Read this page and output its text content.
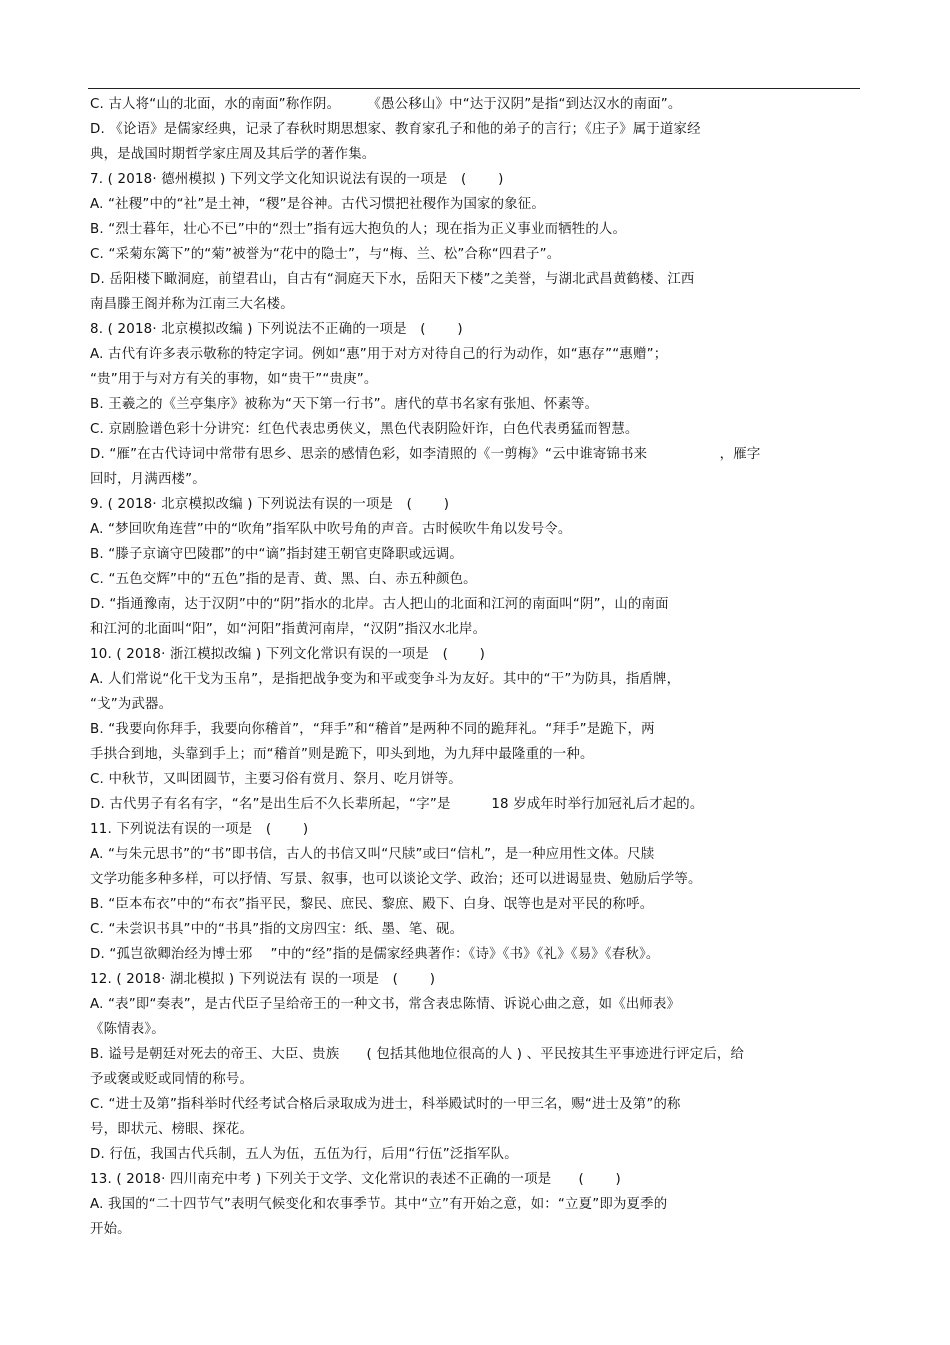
C. 古人将“山的北面，水的南面”称作阴。　　　《愚公移山》中“达于汉阴”是指“到达汉水的南面”。
D. 《论语》是儒家经典，记录了春秋时期思想家、教育家孔子和他的弟子的言行；《庄子》属于道家经
典，是战国时期哲学家庄周及其后学的著作集。
7. ( 2018· 德州模拟 ) 下列文学文化知识说法有误的一项是　( 　　)
A. “社稷”中的“社”是土神，“稷”是谷神。古代习惯把社稷作为国家的象征。
B. “烈士暮年，壮心不已”中的“烈士”指有远大抱负的人；现在指为正义事业而牺牲的人。
C. “采菊东篱下”的“菊”被誉为“花中的隐士”，与“梅、兰、松”合称“四君子”。
D. 岳阳楼下瞰洞庭，前望君山，自古有“洞庭天下水，岳阳天下楼”之美誉，与湖北武昌黄鹤楼、江西
南昌滕王阁并称为江南三大名楼。
8. ( 2018· 北京模拟改编 ) 下列说法不正确的一项是　( 　　)
A. 古代有许多表示敬称的特定字词。例如“惠”用于对方对待自己的行为动作，如“惠存”“惠赠”；
“贵”用于与对方有关的事物，如“贵干”“贵庚”。
B. 王羲之的《兰亭集序》被称为“天下第一行书”。唐代的草书名家有张旭、怀素等。
C. 京剧脸谱色彩十分讲究：红色代表忠勇侠义，黑色代表阴险奸诈，白色代表勇猛而智慧。
D. “雁”在古代诗词中常带有思乡、思亲的感情色彩，如李清照的《一剪梅》“云中谁寄锦书来　　　　　 ，雁字
回时，月满西楼”。
9. ( 2018· 北京模拟改编 ) 下列说法有误的一项是　( 　　)
A. “梦回吹角连营”中的“吹角”指军队中吹号角的声音。古时候吹牛角以发号令。
B. “滕子京谪守巴陵郡”的中“谪”指封建王朝官吏降职或远调。
C. “五色交辉”中的“五色”指的是青、黄、黑、白、赤五种颜色。
D. “指通豫南，达于汉阴”中的“阴”指水的北岸。古人把山的北面和江河的南面叫“阴”，山的南面
和江河的北面叫“阳”，如“河阳”指黄河南岸，“汉阴”指汉水北岸。
10. ( 2018· 浙江模拟改编 ) 下列文化常识有误的一项是　( 　　)
A. 人们常说“化干戈为玉帛”，是指把战争变为和平或变争斗为友好。其中的“干”为防具，指盾牌，
“戈”为武器。
B. “我要向你拜手，我要向你稽首”，“拜手”和“稽首”是两种不同的跪拜礼。“拜手”是跪下，两
手拱合到地，头靠到手上；而“稽首”则是跪下，叩头到地，为九拜中最隆重的一种。
C. 中秋节，又叫团圆节，主要习俗有赏月、祭月、吃月饼等。
D. 古代男子有名有字，“名”是出生后不久长辈所起，“字”是　　　18 岁成年时举行加冠礼后才起的。
11. 下列说法有误的一项是　( 　　)
A. “与朱元思书”的“书”即书信，古人的书信又叫“尺牍”或曰“信札”，是一种应用性文体。尺牍
文学功能多种多样，可以抒情、写景、叙事，也可以谈论文学、政治；还可以进谒显贵、勉励后学等。
B. “臣本布衣”中的“布衣”指平民，黎民、庶民、黎庶、殿下、白身、氓等也是对平民的称呼。
C. “未尝识书具”中的“书具”指的文房四宝：纸、墨、笔、砚。
D. “孤岂欲卿治经为博士邪　 ”中的“经”指的是儒家经典著作：《诗》《书》《礼》《易》《春秋》。
12. ( 2018· 湖北模拟 ) 下列说法有 误的一项是　( 　　)
A. “表”即“奏表”，是古代臣子呈给帝王的一种文书，常含表忠陈情、诉说心曲之意，如《出师表》
《陈情表》。
B. 谥号是朝廷对死去的帝王、大臣、贵族　　( 包括其他地位很高的人 ) 、平民按其生平事迹进行评定后，给
予或褒或贬或同情的称号。
C. “进士及第”指科举时代经考试合格后录取成为进士，科举殿试时的一甲三名，赐“进士及第”的称
号，即状元、榜眼、探花。
D. 行伍，我国古代兵制，五人为伍，五伍为行，后用“行伍”泛指军队。
13. ( 2018· 四川南充中考 ) 下列关于文学、文化常识的表述不正确的一项是　　( 　　)
A. 我国的“二十四节气”表明气候变化和农事季节。其中“立”有开始之意，如：“立夏”即为夏季的
开始。
